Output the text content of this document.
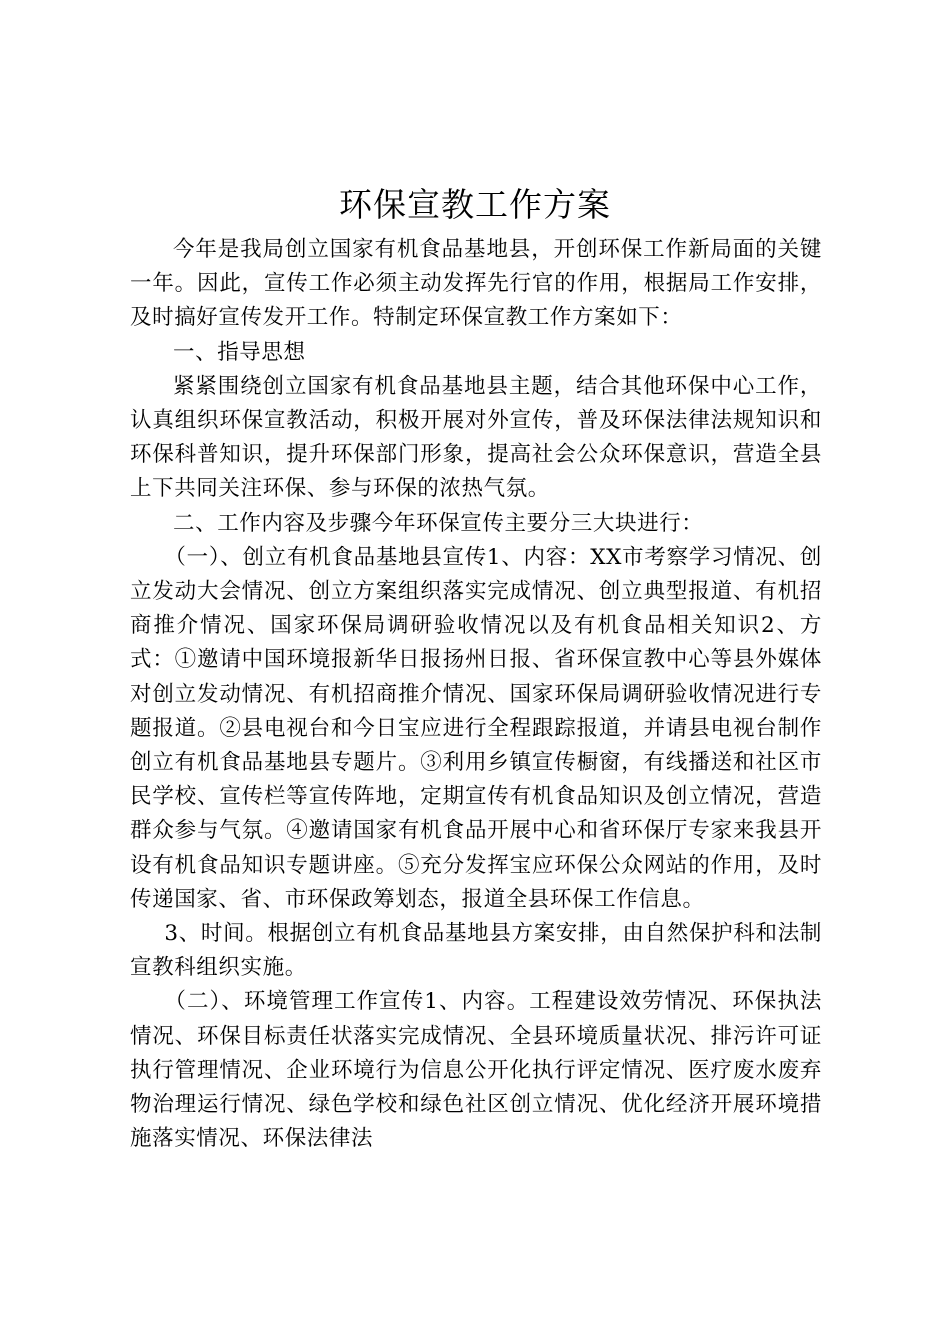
环保宣教工作方案

今年是我局创立国家有机食品基地县，开创环保工作新局面的关键一年。因此，宣传工作必须主动发挥先行官的作用，根据局工作安排，及时搞好宣传发开工作。特制定环保宣教工作方案如下：

一、指导思想

紧紧围绕创立国家有机食品基地县主题，结合其他环保中心工作，认真组织环保宣教活动，积极开展对外宣传，普及环保法律法规知识和环保科普知识，提升环保部门形象，提高社会公众环保意识，营造全县上下共同关注环保、参与环保的浓热气氛。

二、工作内容及步骤今年环保宣传主要分三大块进行：

（一）、创立有机食品基地县宣传1、内容：XX市考察学习情况、创立发动大会情况、创立方案组织落实完成情况、创立典型报道、有机招商推介情况、国家环保局调研验收情况以及有机食品相关知识2、方式：①邀请中国环境报新华日报扬州日报、省环保宣教中心等县外媒体对创立发动情况、有机招商推介情况、国家环保局调研验收情况进行专题报道。②县电视台和今日宝应进行全程跟踪报道，并请县电视台制作创立有机食品基地县专题片。③利用乡镇宣传橱窗，有线播送和社区市民学校、宣传栏等宣传阵地，定期宣传有机食品知识及创立情况，营造群众参与气氛。④邀请国家有机食品开展中心和省环保厅专家来我县开设有机食品知识专题讲座。⑤充分发挥宝应环保公众网站的作用，及时传递国家、省、市环保政筹划态，报道全县环保工作信息。

3、时间。根据创立有机食品基地县方案安排，由自然保护科和法制宣教科组织实施。

（二）、环境管理工作宣传1、内容。工程建设效劳情况、环保执法情况、环保目标责任状落实完成情况、全县环境质量状况、排污许可证执行管理情况、企业环境行为信息公开化执行评定情况、医疗废水废弃物治理运行情况、绿色学校和绿色社区创立情况、优化经济开展环境措施落实情况、环保法律法
